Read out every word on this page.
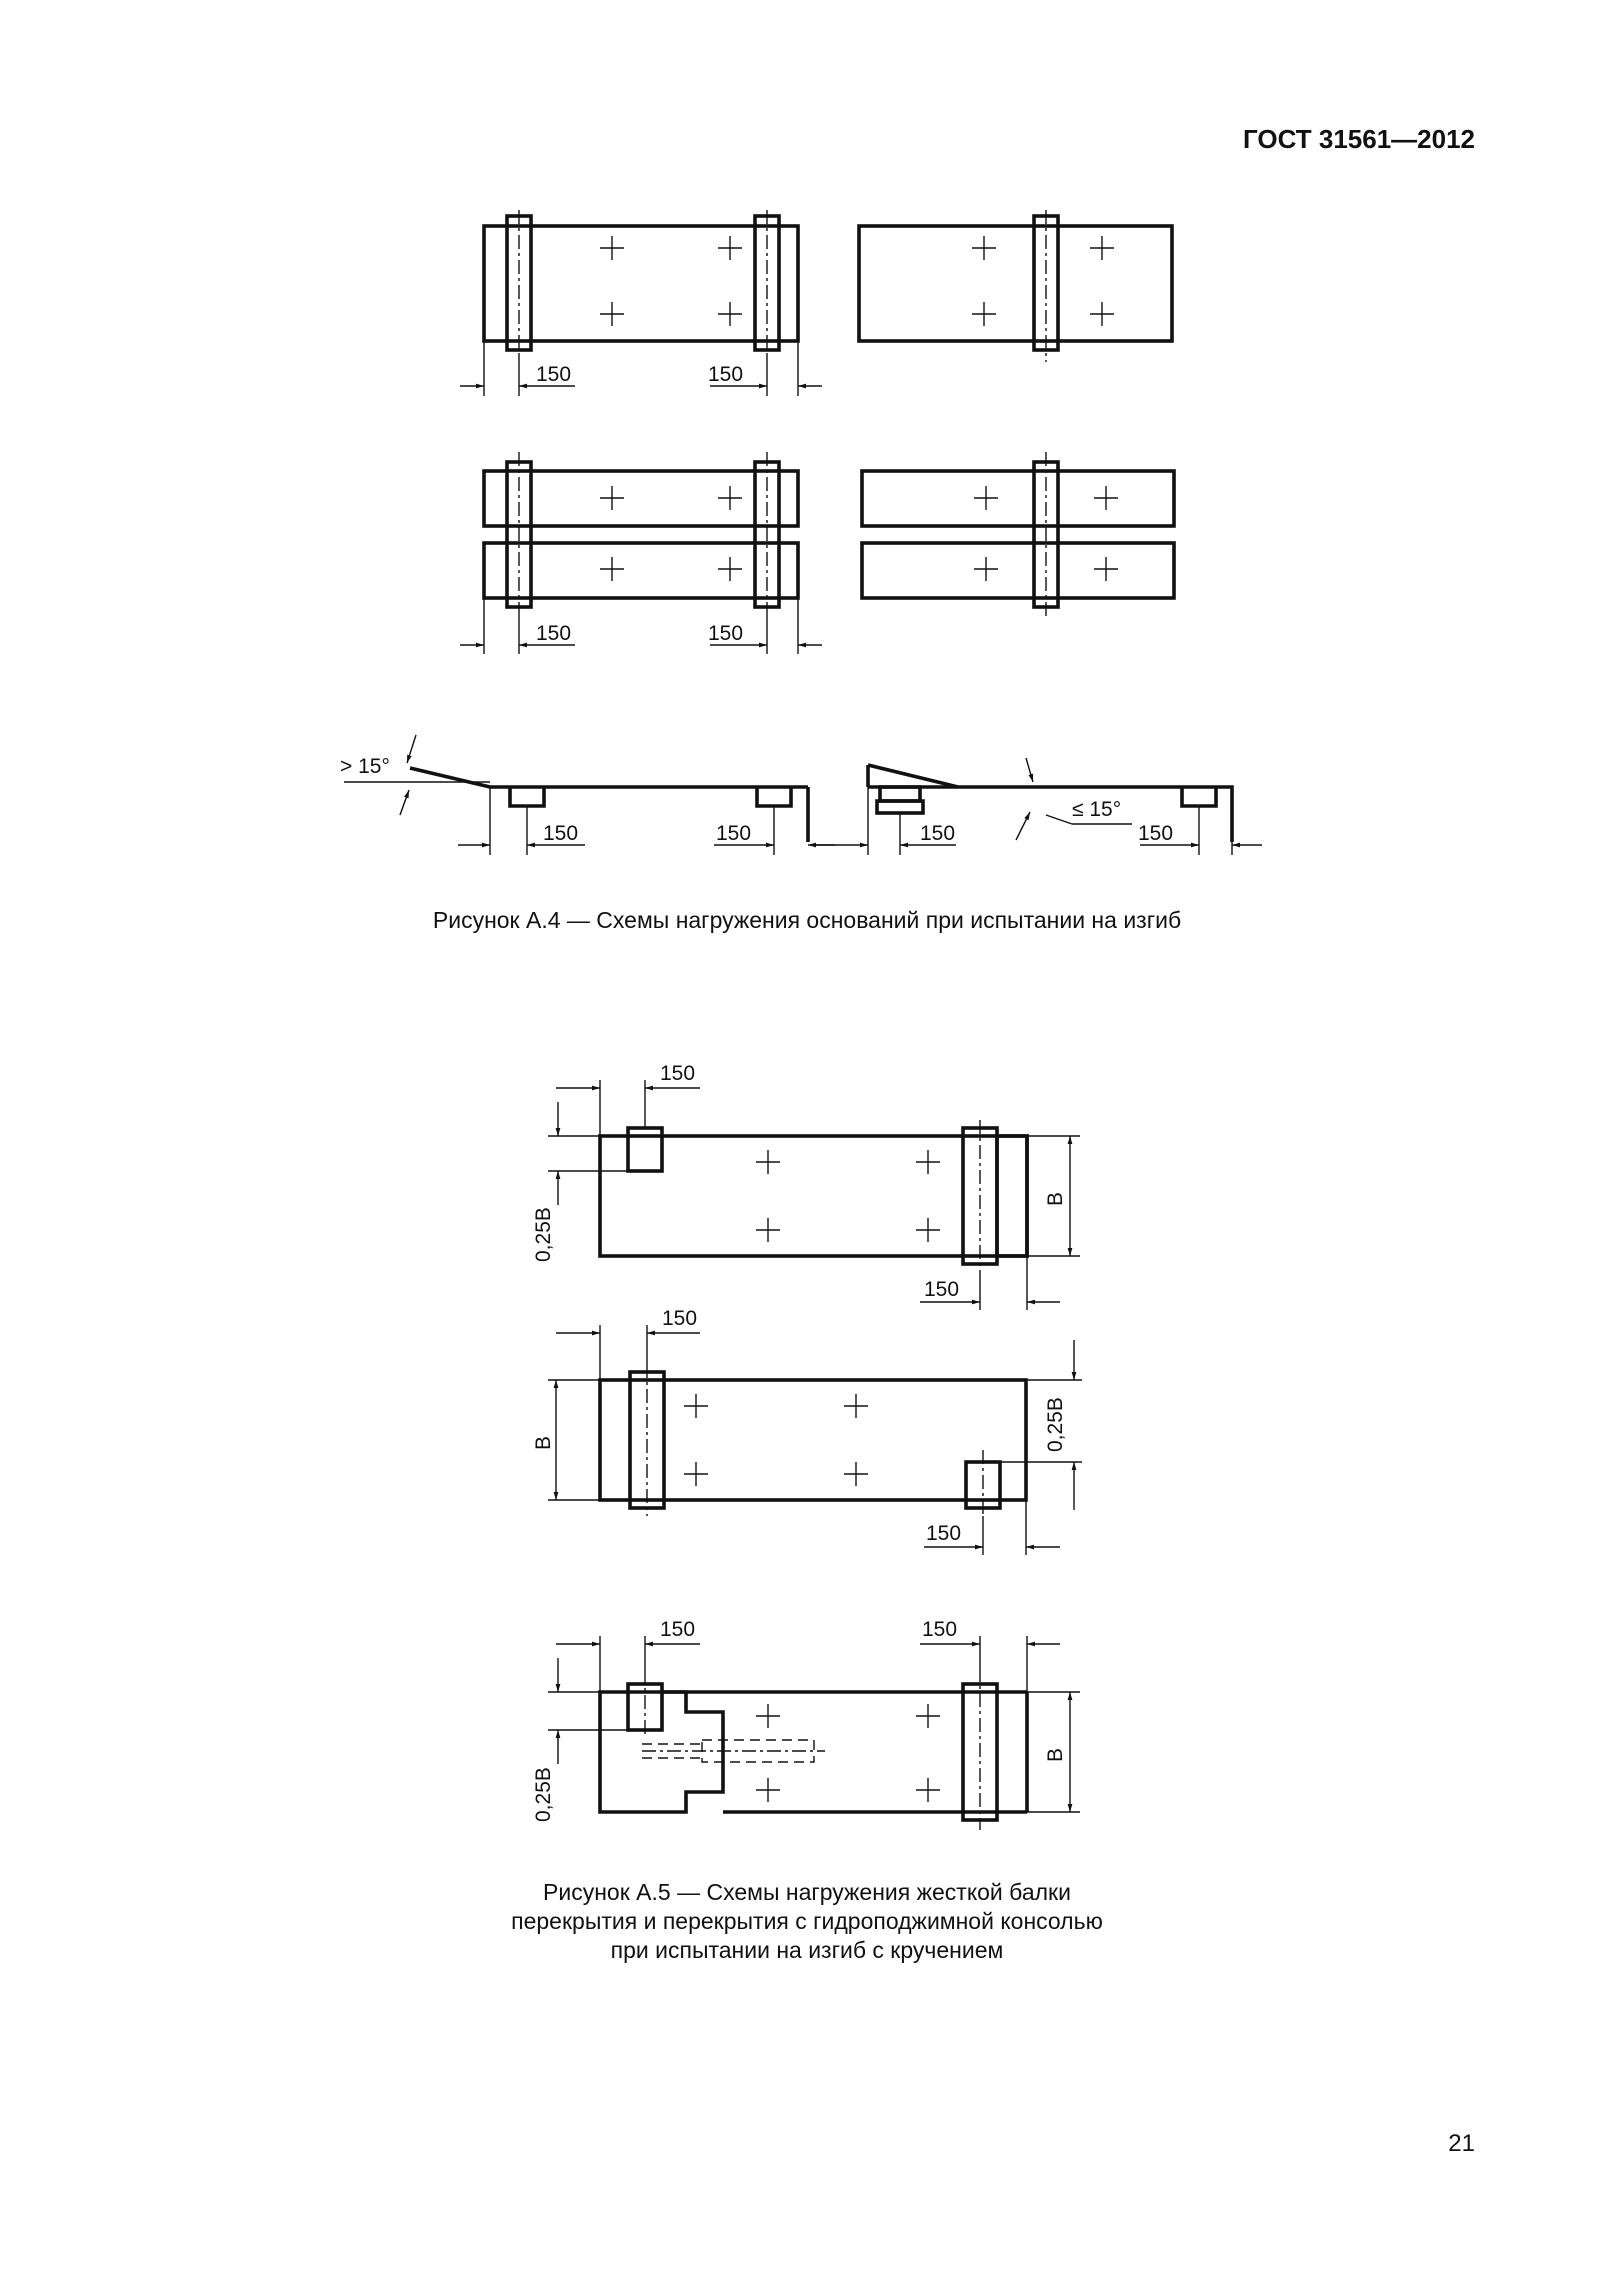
ГОСТ 31561—2012
150	150
150	150
> 15°
150	150
≤ 15°
150	150
Рисунок А.4 — Схемы нагружения оснований при испытании на изгиб
150
0,25B
B
150
150
B	0,25B
150
150	150
0,25B
B
Рисунок А.5 — Схемы нагружения жесткой балки
перекрытия и перекрытия с гидроподжимной консолью
при испытании на изгиб с кручением
21
